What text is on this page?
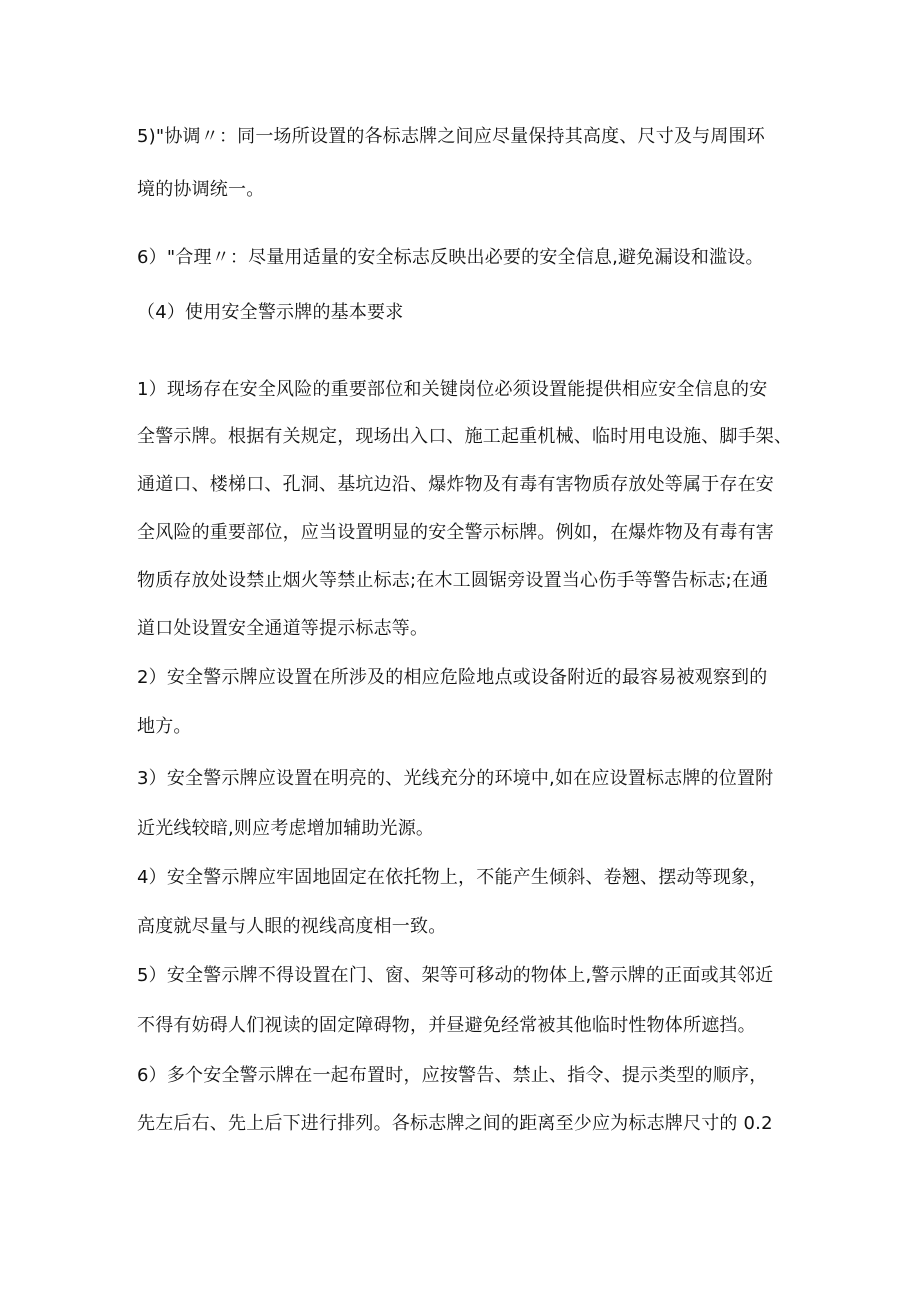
5)"协调〃：同一场所设置的各标志牌之间应尽量保持其高度、尺寸及与周围环
境的协调统一。
6）"合理〃：尽量用适量的安全标志反映出必要的安全信息,避免漏设和滥设。
（4）使用安全警示牌的基本要求
1）现场存在安全风险的重要部位和关键岗位必须设置能提供相应安全信息的安
全警示牌。根据有关规定，现场出入口、施工起重机械、临时用电设施、脚手架、
通道口、楼梯口、孔洞、基坑边沿、爆炸物及有毒有害物质存放处等属于存在安
全风险的重要部位，应当设置明显的安全警示标牌。例如，在爆炸物及有毒有害
物质存放处设禁止烟火等禁止标志;在木工圆锯旁设置当心伤手等警告标志;在通
道口处设置安全通道等提示标志等。
2）安全警示牌应设置在所涉及的相应危险地点或设备附近的最容易被观察到的
地方。
3）安全警示牌应设置在明亮的、光线充分的环境中,如在应设置标志牌的位置附
近光线较暗,则应考虑增加辅助光源。
4）安全警示牌应牢固地固定在依托物上，不能产生倾斜、卷翘、摆动等现象，
高度就尽量与人眼的视线高度相一致。
5）安全警示牌不得设置在门、窗、架等可移动的物体上,警示牌的正面或其邻近
不得有妨碍人们视读的固定障碍物，并昼避免经常被其他临时性物体所遮挡。
6）多个安全警示牌在一起布置时，应按警告、禁止、指令、提示类型的顺序，
先左后右、先上后下进行排列。各标志牌之间的距离至少应为标志牌尺寸的 0.2
